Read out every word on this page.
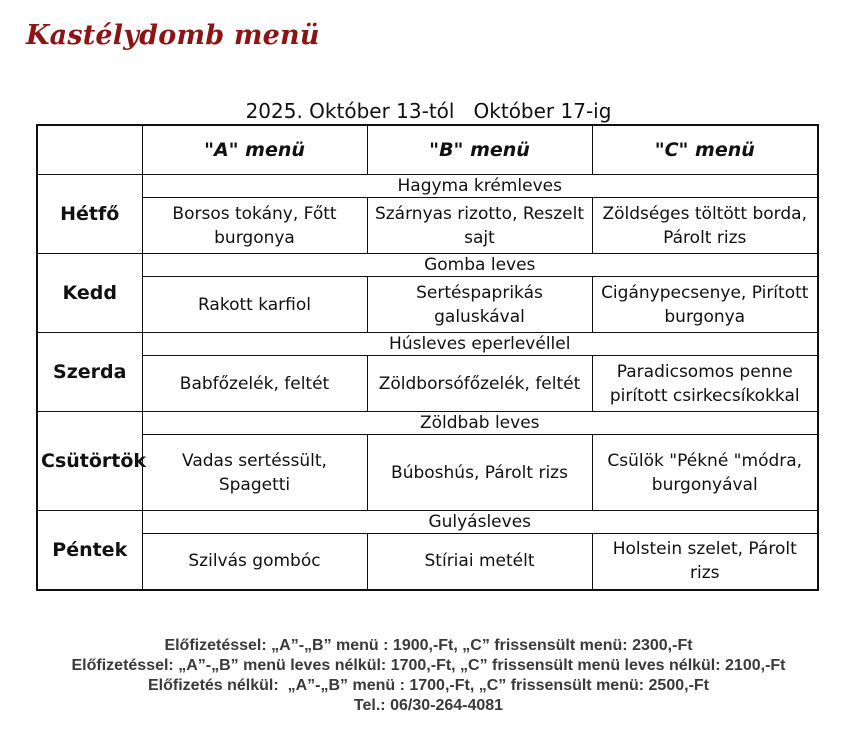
Kastélydomb menü
2025. Október 13-tól   Október 17-ig
	"A" menü	"B" menü	"C" menü
Hétfő	Hagyma krémleves		
	Borsos tokány, Főtt burgonya	Szárnyas rizotto, Reszelt sajt	Zöldséges töltött borda, Párolt rizs
Kedd	Gomba leves		
	Rakott karfiol	Sertéspaprikás galuskával	Cigánypecsenye, Pirított burgonya
Szerda	Húsleves eperlevéllel		
	Babfőzelék, feltét	Zöldborsófőzelék, feltét	Paradicsomos penne pirított csirkecsíkokkal
Csütörtök	Zöldbab leves		
	Vadas sertéssült, Spagetti	Búboshús, Párolt rizs	Csülök "Pékné "módra, burgonyával
Péntek	Gulyásleves		
	Szilvás gombóc	Stíriai metélt	Holstein szelet, Párolt rizs
Előfizetéssel: „A”-„B” menü : 1900,-Ft, „C” frissensült menü: 2300,-Ft
Előfizetéssel: „A”-„B” menü leves nélkül: 1700,-Ft, „C” frissensült menü leves nélkül: 2100,-Ft
Előfizetés nélkül:  „A”-„B” menü : 1700,-Ft, „C” frissensült menü: 2500,-Ft
Tel.: 06/30-264-4081
